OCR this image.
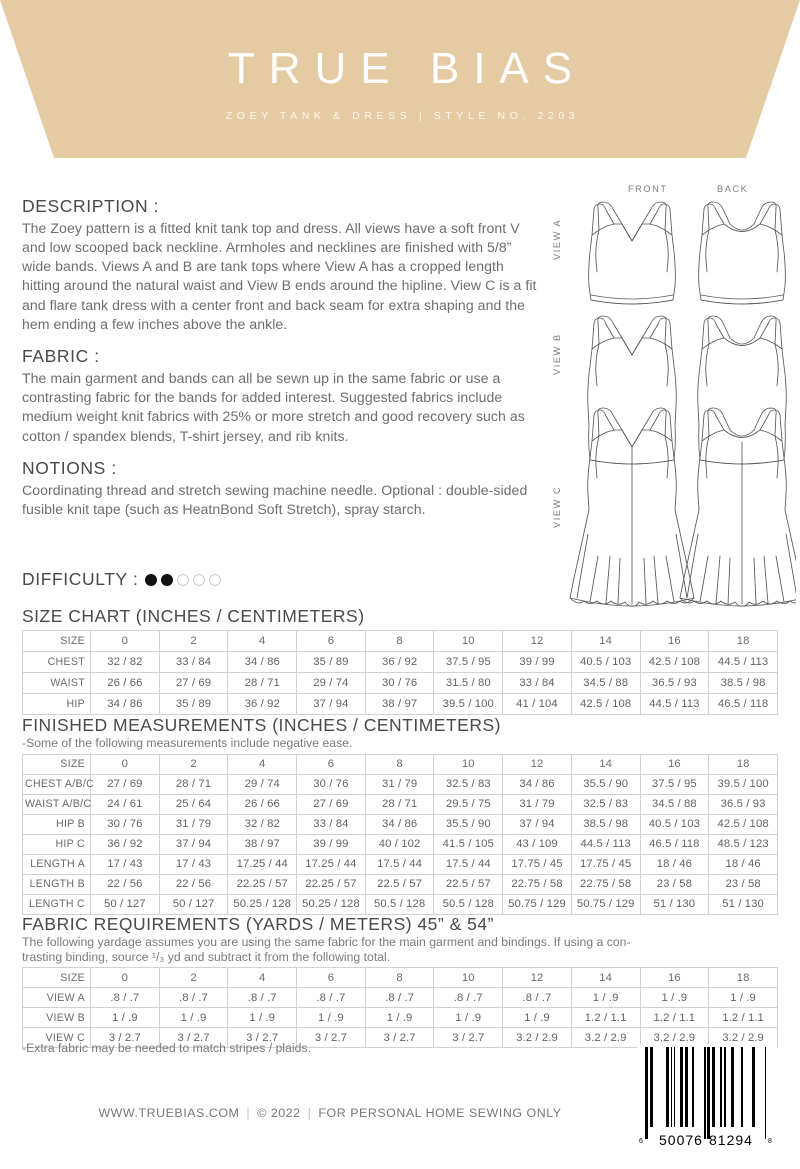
TRUE BIAS
ZOEY TANK & DRESS | STYLE NO. 2203
DESCRIPTION :
The Zoey pattern is a fitted knit tank top and dress. All views have a soft front V and low scooped back neckline. Armholes and necklines are finished with 5/8” wide bands. Views A and B are tank tops where View A has a cropped length hitting around the natural waist and View B ends around the hipline. View C is a fit and flare tank dress with a center front and back seam for extra shaping and the hem ending a few inches above the ankle.
FABRIC :
The main garment and bands can all be sewn up in the same fabric or use a contrasting fabric for the bands for added interest. Suggested fabrics include medium weight knit fabrics with 25% or more stretch and good recovery such as cotton / spandex blends, T-shirt jersey, and rib knits.
NOTIONS :
Coordinating thread and stretch sewing machine needle. Optional : double-sided fusible knit tape (such as HeatnBond Soft Stretch), spray starch.
DIFFICULTY :
FRONT	BACK
VIEW A
VIEW B
VIEW C
SIZE CHART (INCHES / CENTIMETERS)
SIZE	0	2	4	6	8	10	12	14	16	18
CHEST	32 / 82	33 / 84	34 / 86	35 / 89	36 / 92	37.5 / 95	39 / 99	40.5 / 103	42.5 / 108	44.5 / 113
WAIST	26 / 66	27 / 69	28 / 71	29 / 74	30 / 76	31.5 / 80	33 / 84	34.5 / 88	36.5 / 93	38.5 / 98
HIP	34 / 86	35 / 89	36 / 92	37 / 94	38 / 97	39.5 / 100	41 / 104	42.5 / 108	44.5 / 113	46.5 / 118
FINISHED MEASUREMENTS (INCHES / CENTIMETERS)
-Some of the following measurements include negative ease.
SIZE	0	2	4	6	8	10	12	14	16	18
CHEST A/B/C	27 / 69	28 / 71	29 / 74	30 / 76	31 / 79	32.5 / 83	34 / 86	35.5 / 90	37.5 / 95	39.5 / 100
WAIST A/B/C	24 / 61	25 / 64	26 / 66	27 / 69	28 / 71	29.5 / 75	31 / 79	32.5 / 83	34.5 / 88	36.5 / 93
HIP B	30 / 76	31 / 79	32 / 82	33 / 84	34 / 86	35.5 / 90	37 / 94	38.5 / 98	40.5 / 103	42.5 / 108
HIP C	36 / 92	37 / 94	38 / 97	39 / 99	40 / 102	41.5 / 105	43 / 109	44.5 / 113	46.5 / 118	48.5 / 123
LENGTH A	17 / 43	17 / 43	17.25 / 44	17.25 / 44	17.5 / 44	17.5 / 44	17.75 / 45	17.75 / 45	18 / 46	18 / 46
LENGTH B	22 / 56	22 / 56	22.25 / 57	22.25 / 57	22.5 / 57	22.5 / 57	22.75 / 58	22.75 / 58	23 / 58	23 / 58
LENGTH C	50 / 127	50 / 127	50.25 / 128	50.25 / 128	50.5 / 128	50.5 / 128	50.75 / 129	50.75 / 129	51 / 130	51 / 130
FABRIC REQUIREMENTS (YARDS / METERS) 45” & 54”
The following yardage assumes you are using the same fabric for the main garment and bindings. If using a con-
trasting binding, source ¹/₃ yd and subtract it from the following total.
SIZE	0	2	4	6	8	10	12	14	16	18
VIEW A	.8 / .7	.8 / .7	.8 / .7	.8 / .7	.8 / .7	.8 / .7	.8 / .7	1 / .9	1 / .9	1 / .9
VIEW B	1 / .9	1 / .9	1 / .9	1 / .9	1 / .9	1 / .9	1 / .9	1.2 / 1.1	1.2 / 1.1	1.2 / 1.1
VIEW C	3 / 2.7	3 / 2.7	3 / 2.7	3 / 2.7	3 / 2.7	3 / 2.7	3.2 / 2.9	3.2 / 2.9	3.2 / 2.9	3.2 / 2.9
-Extra fabric may be needed to match stripes / plaids.
WWW.TRUEBIAS.COM | © 2022 | FOR PERSONAL HOME SEWING ONLY
6 50076 81294 8
